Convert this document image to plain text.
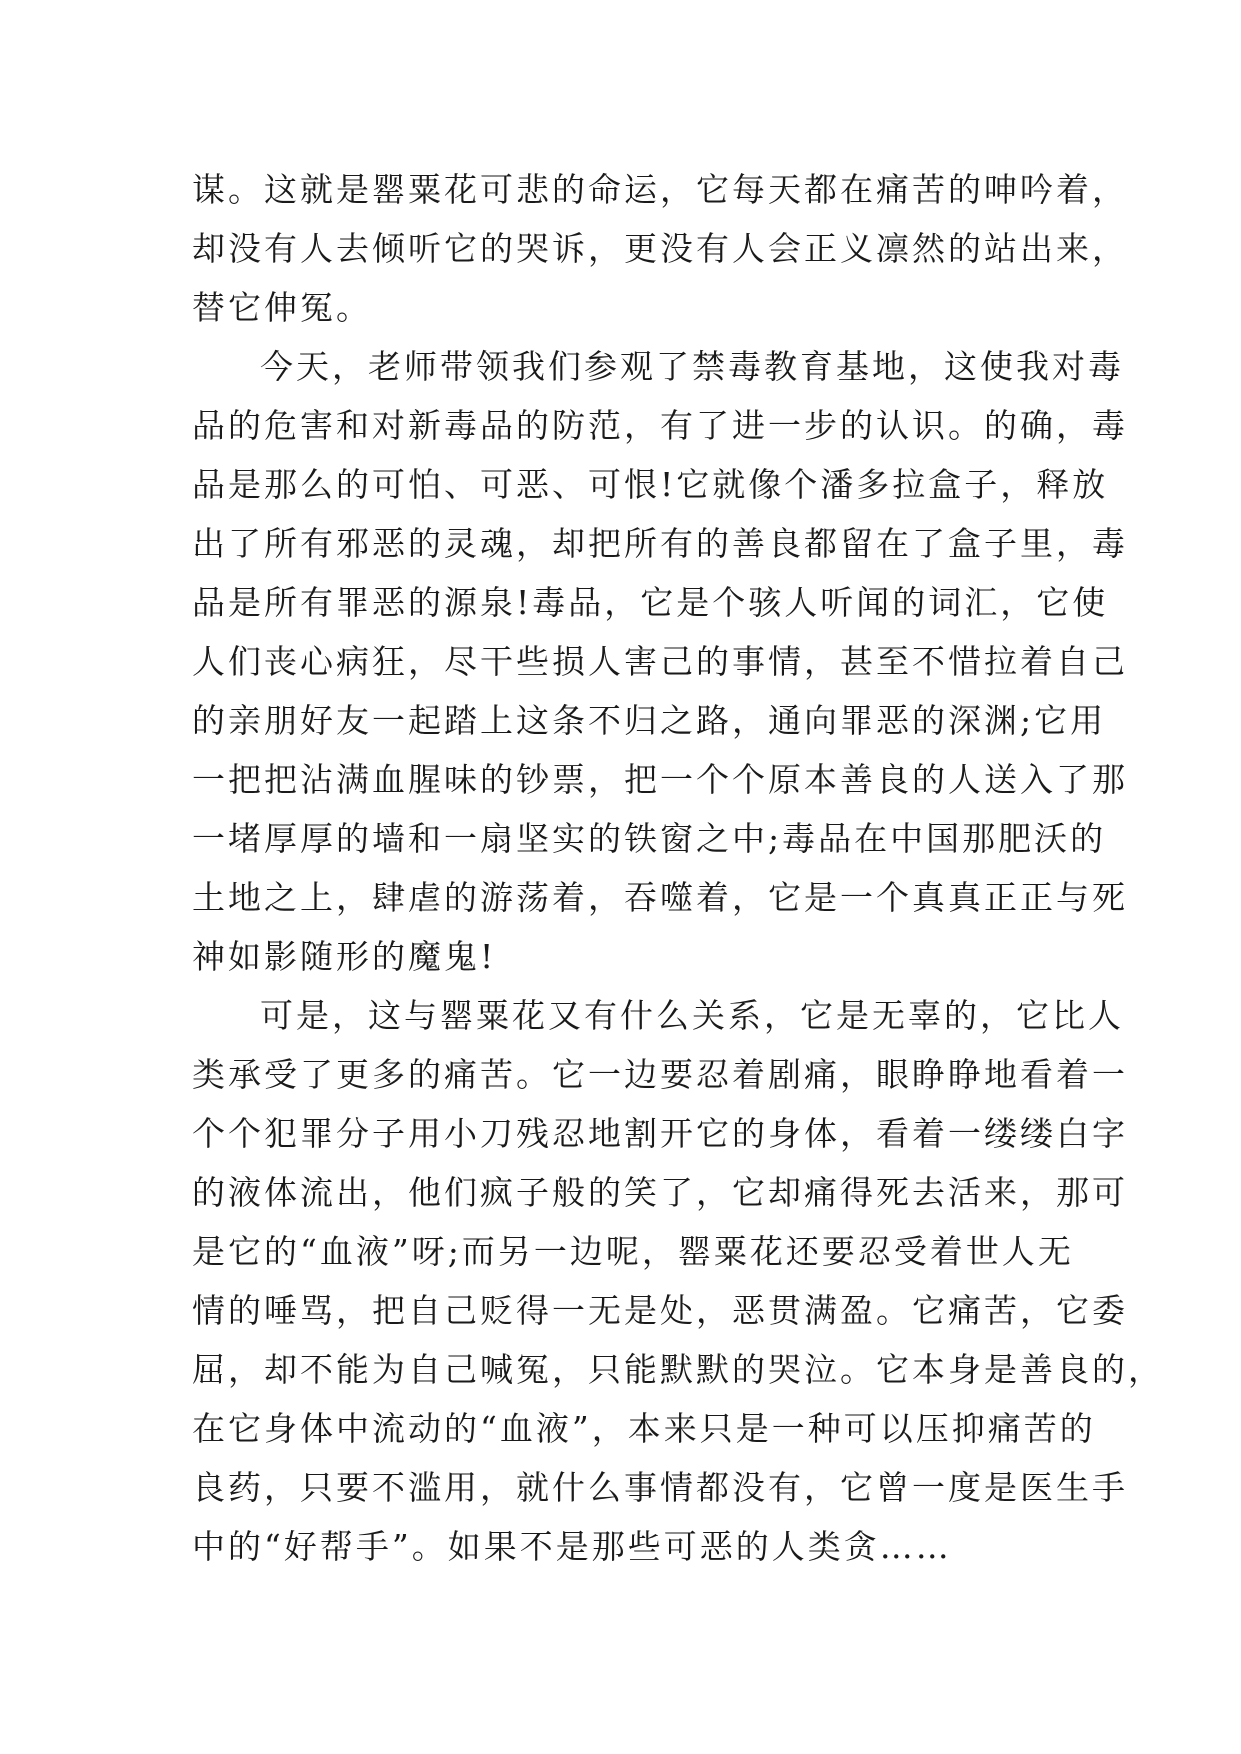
谋。这就是罂粟花可悲的命运，它每天都在痛苦的呻吟着，
却没有人去倾听它的哭诉，更没有人会正义凛然的站出来，
替它伸冤。

今天，老师带领我们参观了禁毒教育基地，这使我对毒
品的危害和对新毒品的防范，有了进一步的认识。的确，毒
品是那么的可怕、可恶、可恨!它就像个潘多拉盒子，释放
出了所有邪恶的灵魂，却把所有的善良都留在了盒子里，毒
品是所有罪恶的源泉!毒品，它是个骇人听闻的词汇，它使
人们丧心病狂，尽干些损人害己的事情，甚至不惜拉着自己
的亲朋好友一起踏上这条不归之路，通向罪恶的深渊;它用
一把把沾满血腥味的钞票，把一个个原本善良的人送入了那
一堵厚厚的墙和一扇坚实的铁窗之中;毒品在中国那肥沃的
土地之上，肆虐的游荡着，吞噬着，它是一个真真正正与死
神如影随形的魔鬼!

可是，这与罂粟花又有什么关系，它是无辜的，它比人
类承受了更多的痛苦。它一边要忍着剧痛，眼睁睁地看着一
个个犯罪分子用小刀残忍地割开它的身体，看着一缕缕白字
的液体流出，他们疯子般的笑了，它却痛得死去活来，那可
是它的“血液”呀;而另一边呢，罂粟花还要忍受着世人无
情的唾骂，把自己贬得一无是处，恶贯满盈。它痛苦，它委
屈，却不能为自己喊冤，只能默默的哭泣。它本身是善良的，
在它身体中流动的“血液”，本来只是一种可以压抑痛苦的
良药，只要不滥用，就什么事情都没有，它曾一度是医生手
中的“好帮手”。如果不是那些可恶的人类贪……
